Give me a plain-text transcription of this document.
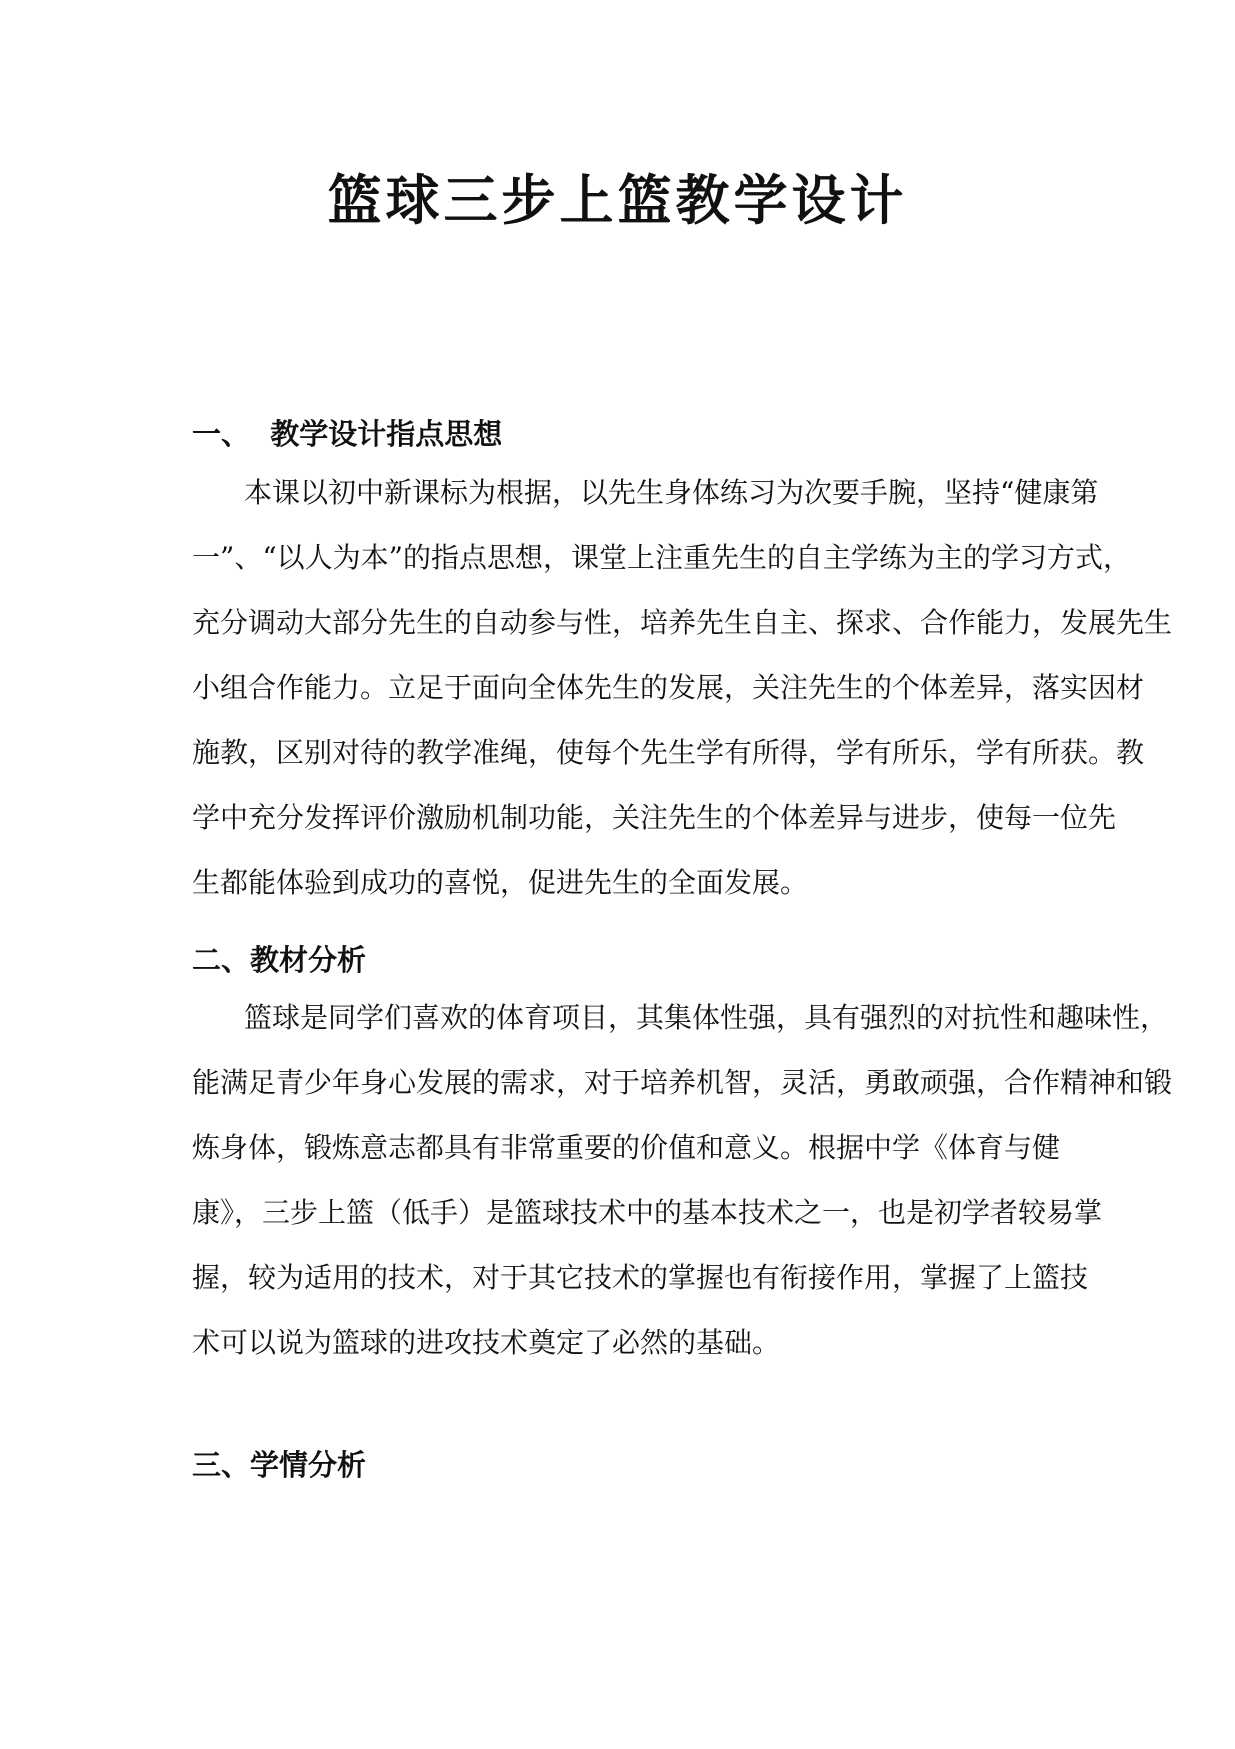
篮球三步上篮教学设计
一、  教学设计指点思想
本课以初中新课标为根据，以先生身体练习为次要手腕，坚持“健康第
一”、“以人为本”的指点思想，课堂上注重先生的自主学练为主的学习方式，
充分调动大部分先生的自动参与性，培养先生自主、探求、合作能力，发展先生
小组合作能力。立足于面向全体先生的发展，关注先生的个体差异，落实因材
施教，区别对待的教学准绳，使每个先生学有所得，学有所乐，学有所获。教
学中充分发挥评价激励机制功能，关注先生的个体差异与进步，使每一位先
生都能体验到成功的喜悦，促进先生的全面发展。
二、教材分析
篮球是同学们喜欢的体育项目，其集体性强，具有强烈的对抗性和趣味性，
能满足青少年身心发展的需求，对于培养机智，灵活，勇敢顽强，合作精神和锻
炼身体，锻炼意志都具有非常重要的价值和意义。根据中学《体育与健
康》，三步上篮（低手）是篮球技术中的基本技术之一，也是初学者较易掌
握，较为适用的技术，对于其它技术的掌握也有衔接作用，掌握了上篮技
术可以说为篮球的进攻技术奠定了必然的基础。
三、学情分析
